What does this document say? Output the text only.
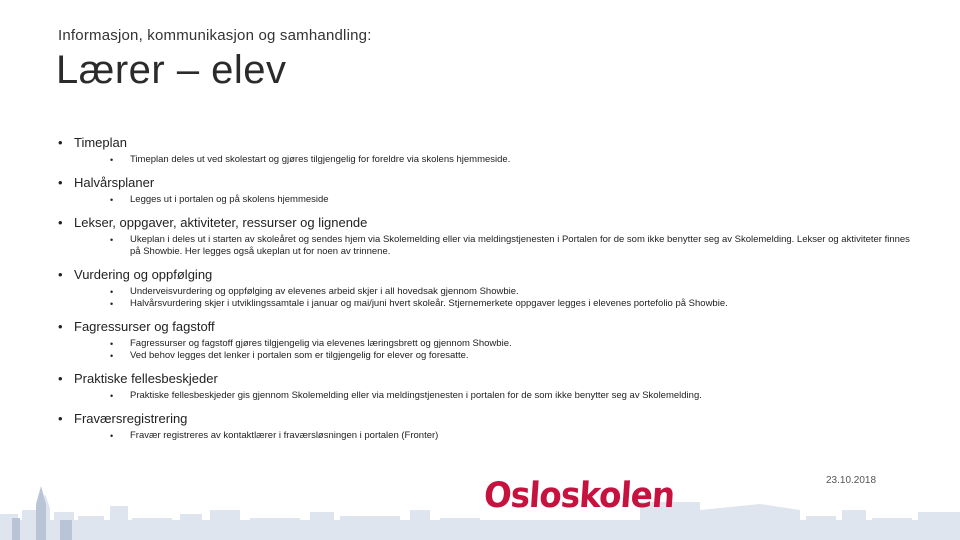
Informasjon, kommunikasjon og samhandling:
Lærer – elev
• Timeplan
• Timeplan deles ut ved skolestart og gjøres tilgjengelig for foreldre via skolens hjemmeside.
• Halvårsplaner
• Legges ut i portalen og på skolens hjemmeside
• Lekser, oppgaver, aktiviteter, ressurser og lignende
• Ukeplan i deles ut i starten av skoleåret og sendes hjem via Skolemelding eller via meldingstjenesten i Portalen for de som ikke benytter seg av Skolemelding. Lekser og aktiviteter finnes på Showbie. Her legges også ukeplan ut for noen av trinnene.
• Vurdering og oppfølging
• Underveisvurdering og oppfølging av elevenes arbeid skjer i all hovedsak gjennom Showbie.
• Halvårsvurdering skjer i utviklingssamtale i januar og mai/juni hvert skoleår. Stjernemerkete oppgaver legges i elevenes portefolio på Showbie.
• Fagressurser og fagstoff
• Fagressurser og fagstoff gjøres tilgjengelig via elevenes læringsbrett og gjennom Showbie.
• Ved behov legges det lenker i portalen som er tilgjengelig for elever og foresatte.
• Praktiske fellesbeskjeder
• Praktiske fellesbeskjeder gis gjennom Skolemelding eller via meldingstjenesten i portalen for de som ikke benytter seg av Skolemelding.
• Fraværsregistrering
• Fravær registreres av kontaktlærer i fraværsløsningen i portalen (Fronter)
23.10.2018
Osloskolen
